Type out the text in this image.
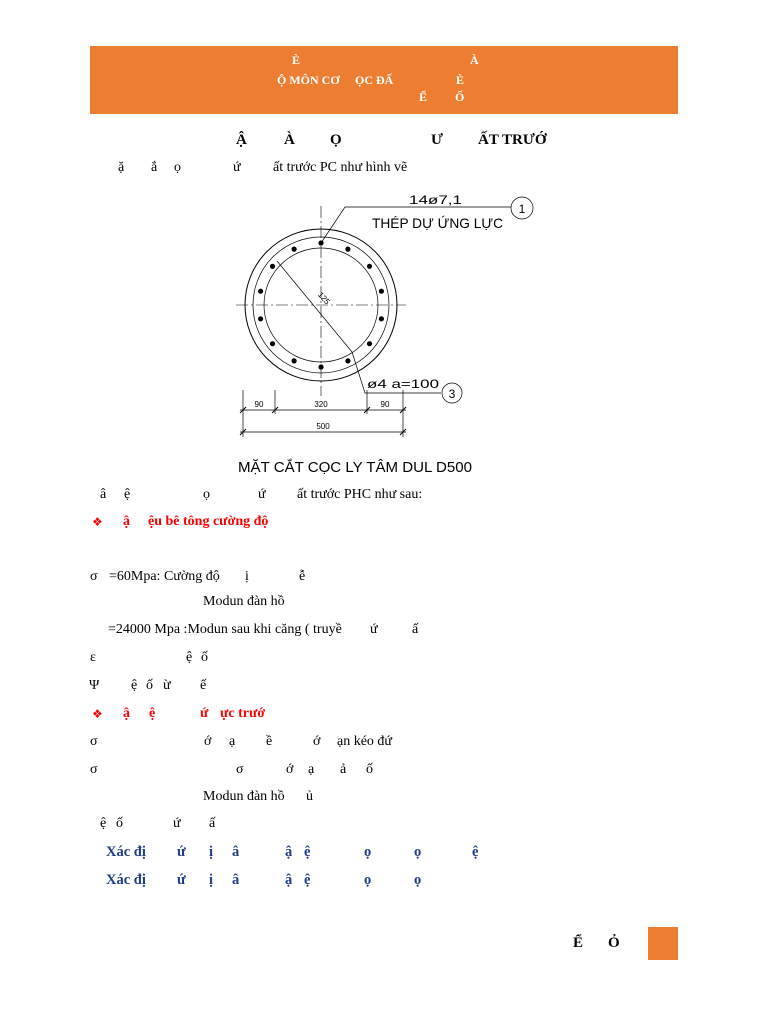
È	À
Ộ MÔN CƠ ỌC ĐẤ	È
Ể Ố
Ậ À Ọ	Ư ẤT TRƯỚ
ặ ắ ọ	ứ ất trước PC như hình vẽ
125
14ø7,1
THÉP DỰ ỨNG LỰC
1
ø4 a=100
3
90	320	90
500
MẶT CẮT CỌC LY TÂM DUL D500
â ệ	ọ	ứ ất trước PHC như sau:
❖ ậ ệu bê tông cường độ
σ =60Mpa: Cường độ ị	ễ
Modun đàn hồ
=24000 Mpa :Modun sau khi căng ( truyề ứ ấ
ε	ệ ố
Ψ ệ ố ừ ế
❖ ậ ệ	ứ ực trướ
σ	ớ ạ ề	ớ ạn kéo đứ
σ	σ	ớ ạ ả ố
Modun đàn hồ ủ
ệ ố	ứ ấ
Xác đị ứ ị â	ậ ệ	ọ	ọ	ệ
Xác đị ứ ị â	ậ ệ	ọ	ọ
Ể Ỏ
